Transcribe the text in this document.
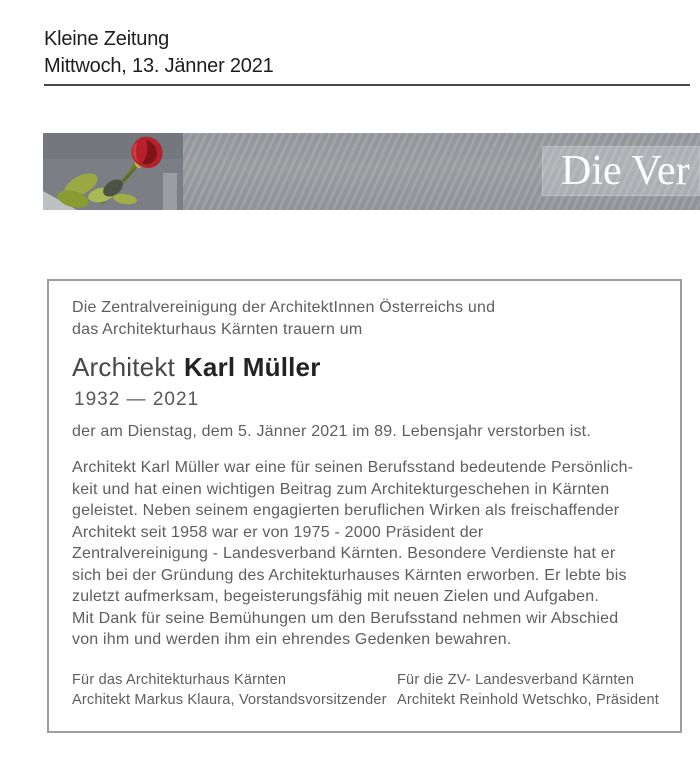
Kleine Zeitung
Mittwoch, 13. Jänner 2021
Die Ver
Die Zentralvereinigung der ArchitektInnen Österreichs und
das Architekturhaus Kärnten trauern um
Architekt Karl Müller
1932 — 2021
der am Dienstag, dem 5. Jänner 2021 im 89. Lebensjahr verstorben ist.
Architekt Karl Müller war eine für seinen Berufsstand bedeutende Persönlich-
keit und hat einen wichtigen Beitrag zum Architekturgeschehen in Kärnten
geleistet. Neben seinem engagierten beruflichen Wirken als freischaffender
Architekt seit 1958 war er von 1975 - 2000 Präsident der
Zentralvereinigung - Landesverband Kärnten. Besondere Verdienste hat er
sich bei der Gründung des Architekturhauses Kärnten erworben. Er lebte bis
zuletzt aufmerksam, begeisterungsfähig mit neuen Zielen und Aufgaben.
Mit Dank für seine Bemühungen um den Berufsstand nehmen wir Abschied
von ihm und werden ihm ein ehrendes Gedenken bewahren.
Für das Architekturhaus Kärnten
Architekt Markus Klaura, Vorstandsvorsitzender
Für die ZV- Landesverband Kärnten
Architekt Reinhold Wetschko, Präsident
